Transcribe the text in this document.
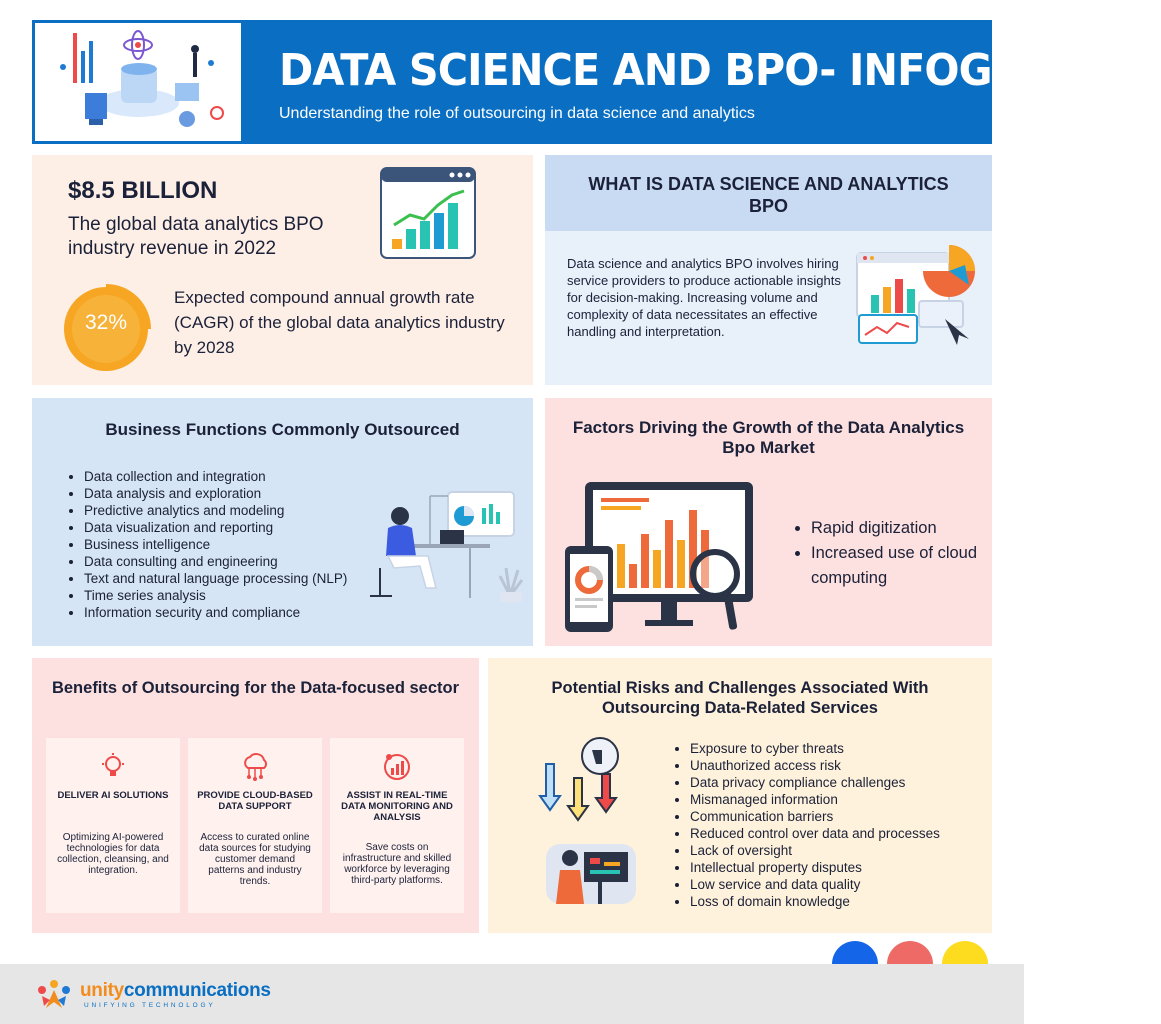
DATA SCIENCE AND BPO- INFOGRAPHIC
Understanding the role of outsourcing in data science and analytics
$8.5 BILLION
The global data analytics BPO industry revenue in 2022
32%
Expected compound annual growth rate (CAGR) of the global data analytics industry by 2028
WHAT IS DATA SCIENCE AND ANALYTICS BPO
Data science and analytics BPO involves hiring service providers to produce actionable insights for decision-making. Increasing volume and complexity of data necessitates an effective handling and interpretation.
Business Functions Commonly Outsourced
• Data collection and integration
• Data analysis and exploration
• Predictive analytics and modeling
• Data visualization and reporting
• Business intelligence
• Data consulting and engineering
• Text and natural language processing (NLP)
• Time series analysis
• Information security and compliance
Factors Driving the Growth of the Data Analytics Bpo Market
• Rapid digitization
• Increased use of cloud computing
Benefits of Outsourcing for the Data-focused sector
DELIVER AI SOLUTIONS
Optimizing AI-powered technologies for data collection, cleansing, and integration.
PROVIDE CLOUD-BASED DATA SUPPORT
Access to curated online data sources for studying customer demand patterns and industry trends.
ASSIST IN REAL-TIME DATA MONITORING AND ANALYSIS
Save costs on infrastructure and skilled workforce by leveraging third-party platforms.
Potential Risks and Challenges Associated With Outsourcing Data-Related Services
• Exposure to cyber threats
• Unauthorized access risk
• Data privacy compliance challenges
• Mismanaged information
• Communication barriers
• Reduced control over data and processes
• Lack of oversight
• Intellectual property disputes
• Low service and data quality
• Loss of domain knowledge
unitycommunications
UNIFYING TECHNOLOGY
